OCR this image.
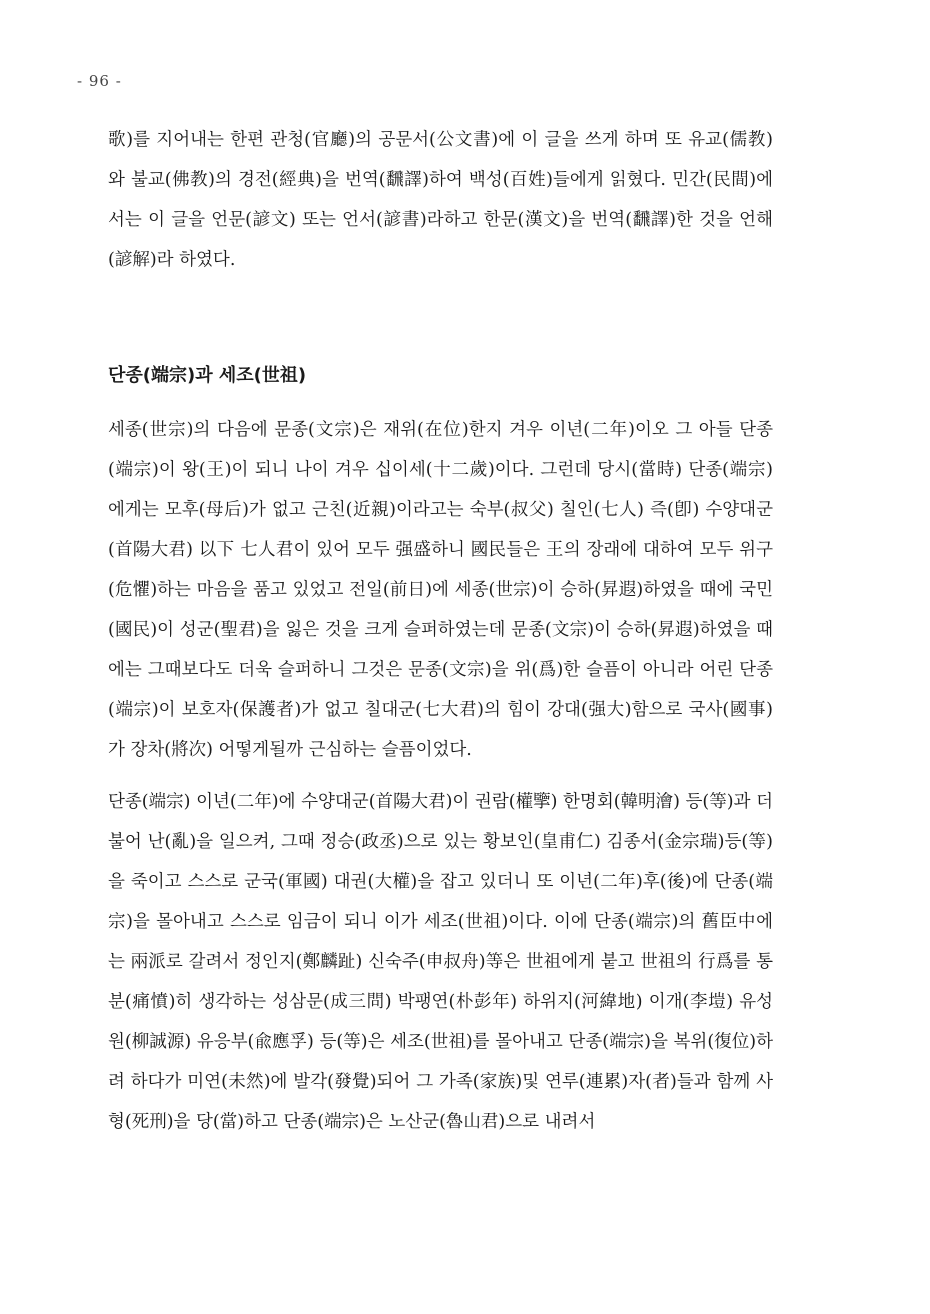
- 96 -

歌)를 지어내는 한편 관청(官廳)의 공문서(公文書)에 이 글을 쓰게 하며 또 유교(儒教)와 불교(佛教)의 경전(經典)을 번역(飜譯)하여 백성(百姓)들에게 읽혔다. 민간(民間)에서는 이 글을 언문(諺文) 또는 언서(諺書)라하고 한문(漢文)을 번역(飜譯)한 것을 언해(諺解)라 하였다.

단종(端宗)과 세조(世祖)

세종(世宗)의 다음에 문종(文宗)은 재위(在位)한지 겨우 이년(二年)이오 그 아들 단종(端宗)이 왕(王)이 되니 나이 겨우 십이세(十二歲)이다. 그런데 당시(當時) 단종(端宗)에게는 모후(母后)가 없고 근친(近親)이라고는 숙부(叔父) 칠인(七人) 즉(卽) 수양대군(首陽大君) 以下 七人君이 있어 모두 强盛하니 國民들은 王의 장래에 대하여 모두 위구(危懼)하는 마음을 품고 있었고 전일(前日)에 세종(世宗)이 승하(昇遐)하였을 때에 국민(國民)이 성군(聖君)을 잃은 것을 크게 슬퍼하였는데 문종(文宗)이 승하(昇遐)하였을 때에는 그때보다도 더욱 슬퍼하니 그것은 문종(文宗)을 위(爲)한 슬픔이 아니라 어린 단종(端宗)이 보호자(保護者)가 없고 칠대군(七大君)의 힘이 강대(强大)함으로 국사(國事)가 장차(將次) 어떻게될까 근심하는 슬픔이었다.

단종(端宗) 이년(二年)에 수양대군(首陽大君)이 권람(權擥) 한명회(韓明澮) 등(等)과 더불어 난(亂)을 일으켜, 그때 정승(政丞)으로 있는 황보인(皇甫仁) 김종서(金宗瑞)등(等)을 죽이고 스스로 군국(軍國) 대권(大權)을 잡고 있더니 또 이년(二年)후(後)에 단종(端宗)을 몰아내고 스스로 임금이 되니 이가 세조(世祖)이다. 이에 단종(端宗)의 舊臣中에는 兩派로 갈려서 정인지(鄭麟趾) 신숙주(申叔舟)等은 世祖에게 붙고 世祖의 行爲를 통분(痛憤)히 생각하는 성삼문(成三問) 박팽연(朴彭年) 하위지(河緯地) 이개(李塏) 유성원(柳誠源) 유응부(兪應孚) 등(等)은 세조(世祖)를 몰아내고 단종(端宗)을 복위(復位)하려 하다가 미연(未然)에 발각(發覺)되어 그 가족(家族)및 연루(連累)자(者)들과 함께 사형(死刑)을 당(當)하고 단종(端宗)은 노산군(魯山君)으로 내려서
